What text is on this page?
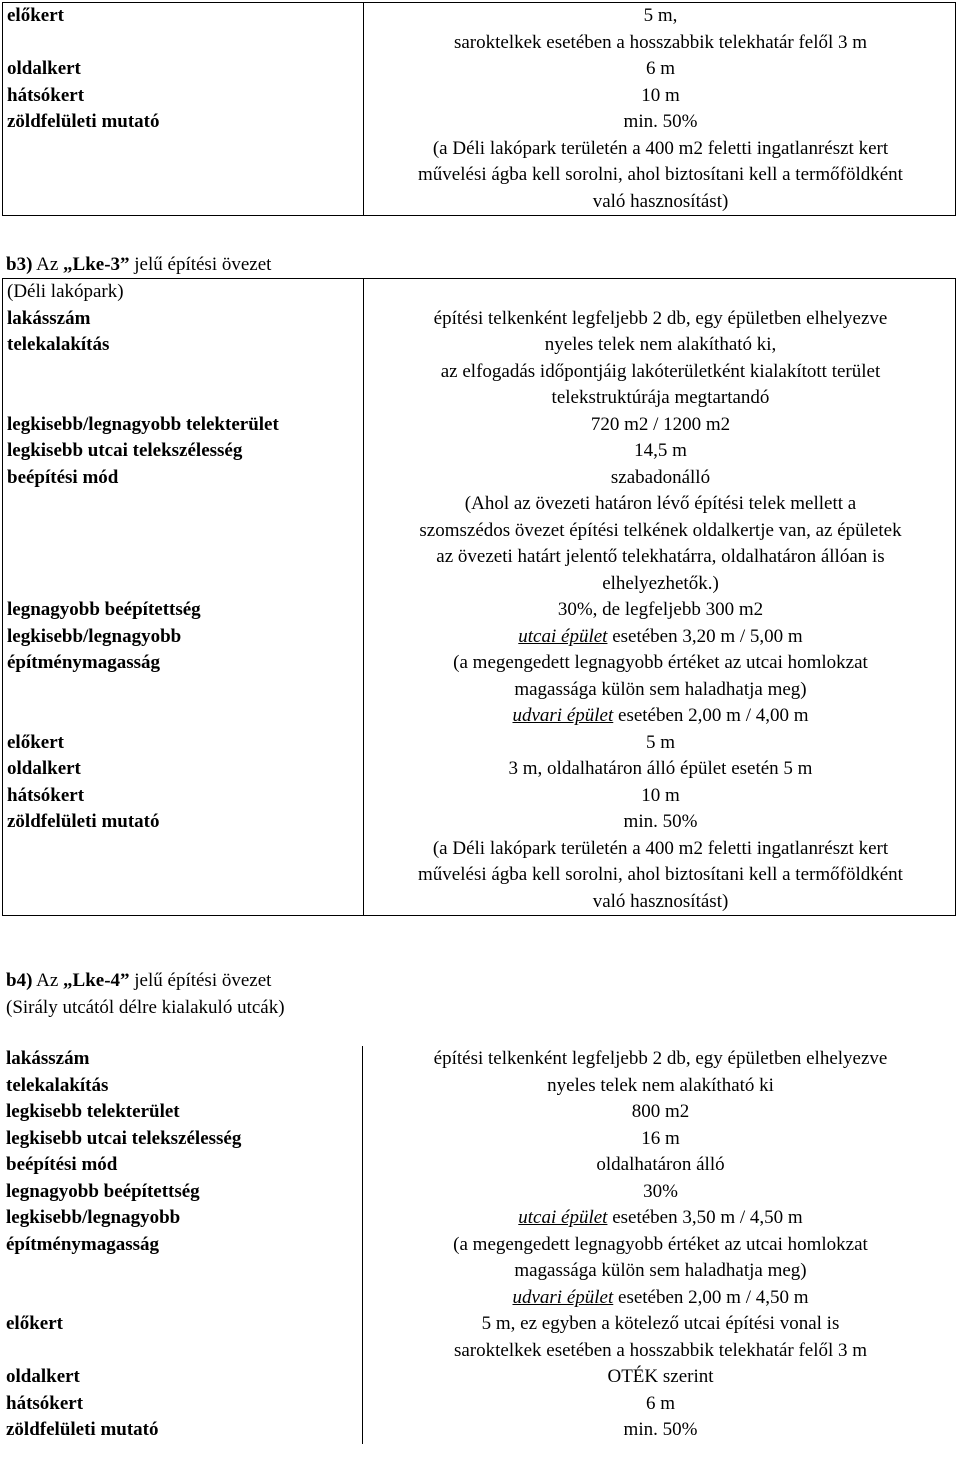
előkert	5 m,
saroktelkek esetében a hosszabbik telekhatár felől 3 m

oldalkert	6 m
hátsókert	10 m
zöldfelületi mutató	min. 50%
(a Déli lakópark területén a 400 m2 feletti ingatlanrészt kert
művelési ágba kell sorolni, ahol biztosítani kell a termőföldként
való hasznosítást)
b3) Az „Lke-3” jelű építési övezet
(Déli lakópark)	
lakásszám	építési telkenként legfeljebb 2 db, egy épületben elhelyezve
telekalakítás	nyeles telek nem alakítható ki,
az elfogadás időpontjáig lakóterületként kialakított terület
telekstruktúrája megtartandó

legkisebb/legnagyobb telekterület	720 m2 / 1200 m2
legkisebb utcai telekszélesség	14,5 m
beépítési mód	szabadonálló
(Ahol az övezeti határon lévő építési telek mellett a
szomszédos övezet építési telkének oldalkertje van, az épületek
az övezeti határt jelentő telekhatárra, oldalhatáron állóan is
elhelyezhetők.)

legnagyobb beépítettség	30%, de legfeljebb 300 m2

legkisebb/legnagyobb
építménymagasság	utcai épület esetében 3,20 m / 5,00 m
(a megengedett legnagyobb értéket az utcai homlokzat
magassága külön sem haladhatja meg)
udvari épület esetében 2,00 m / 4,00 m

előkert	5 m
oldalkert	3 m, oldalhatáron álló épület esetén 5 m
hátsókert	10 m
zöldfelületi mutató	min. 50%
(a Déli lakópark területén a 400 m2 feletti ingatlanrészt kert
művelési ágba kell sorolni, ahol biztosítani kell a termőföldként
való hasznosítást)
b4) Az „Lke-4” jelű építési övezet
(Sirály utcától délre kialakuló utcák)
lakásszám	építési telkenként legfeljebb 2 db, egy épületben elhelyezve
telekalakítás	nyeles telek nem alakítható ki
legkisebb telekterület	800 m2
legkisebb utcai telekszélesség	16 m
beépítési mód	oldalhatáron álló
legnagyobb beépítettség	30%

legkisebb/legnagyobb
építménymagasság	utcai épület esetében 3,50 m / 4,50 m
(a megengedett legnagyobb értéket az utcai homlokzat
magassága külön sem haladhatja meg)
udvari épület esetében 2,00 m / 4,50 m

előkert	5 m, ez egyben a kötelező utcai építési vonal is
saroktelkek esetében a hosszabbik telekhatár felől 3 m

oldalkert	OTÉK szerint
hátsókert	6 m
zöldfelületi mutató	min. 50%
